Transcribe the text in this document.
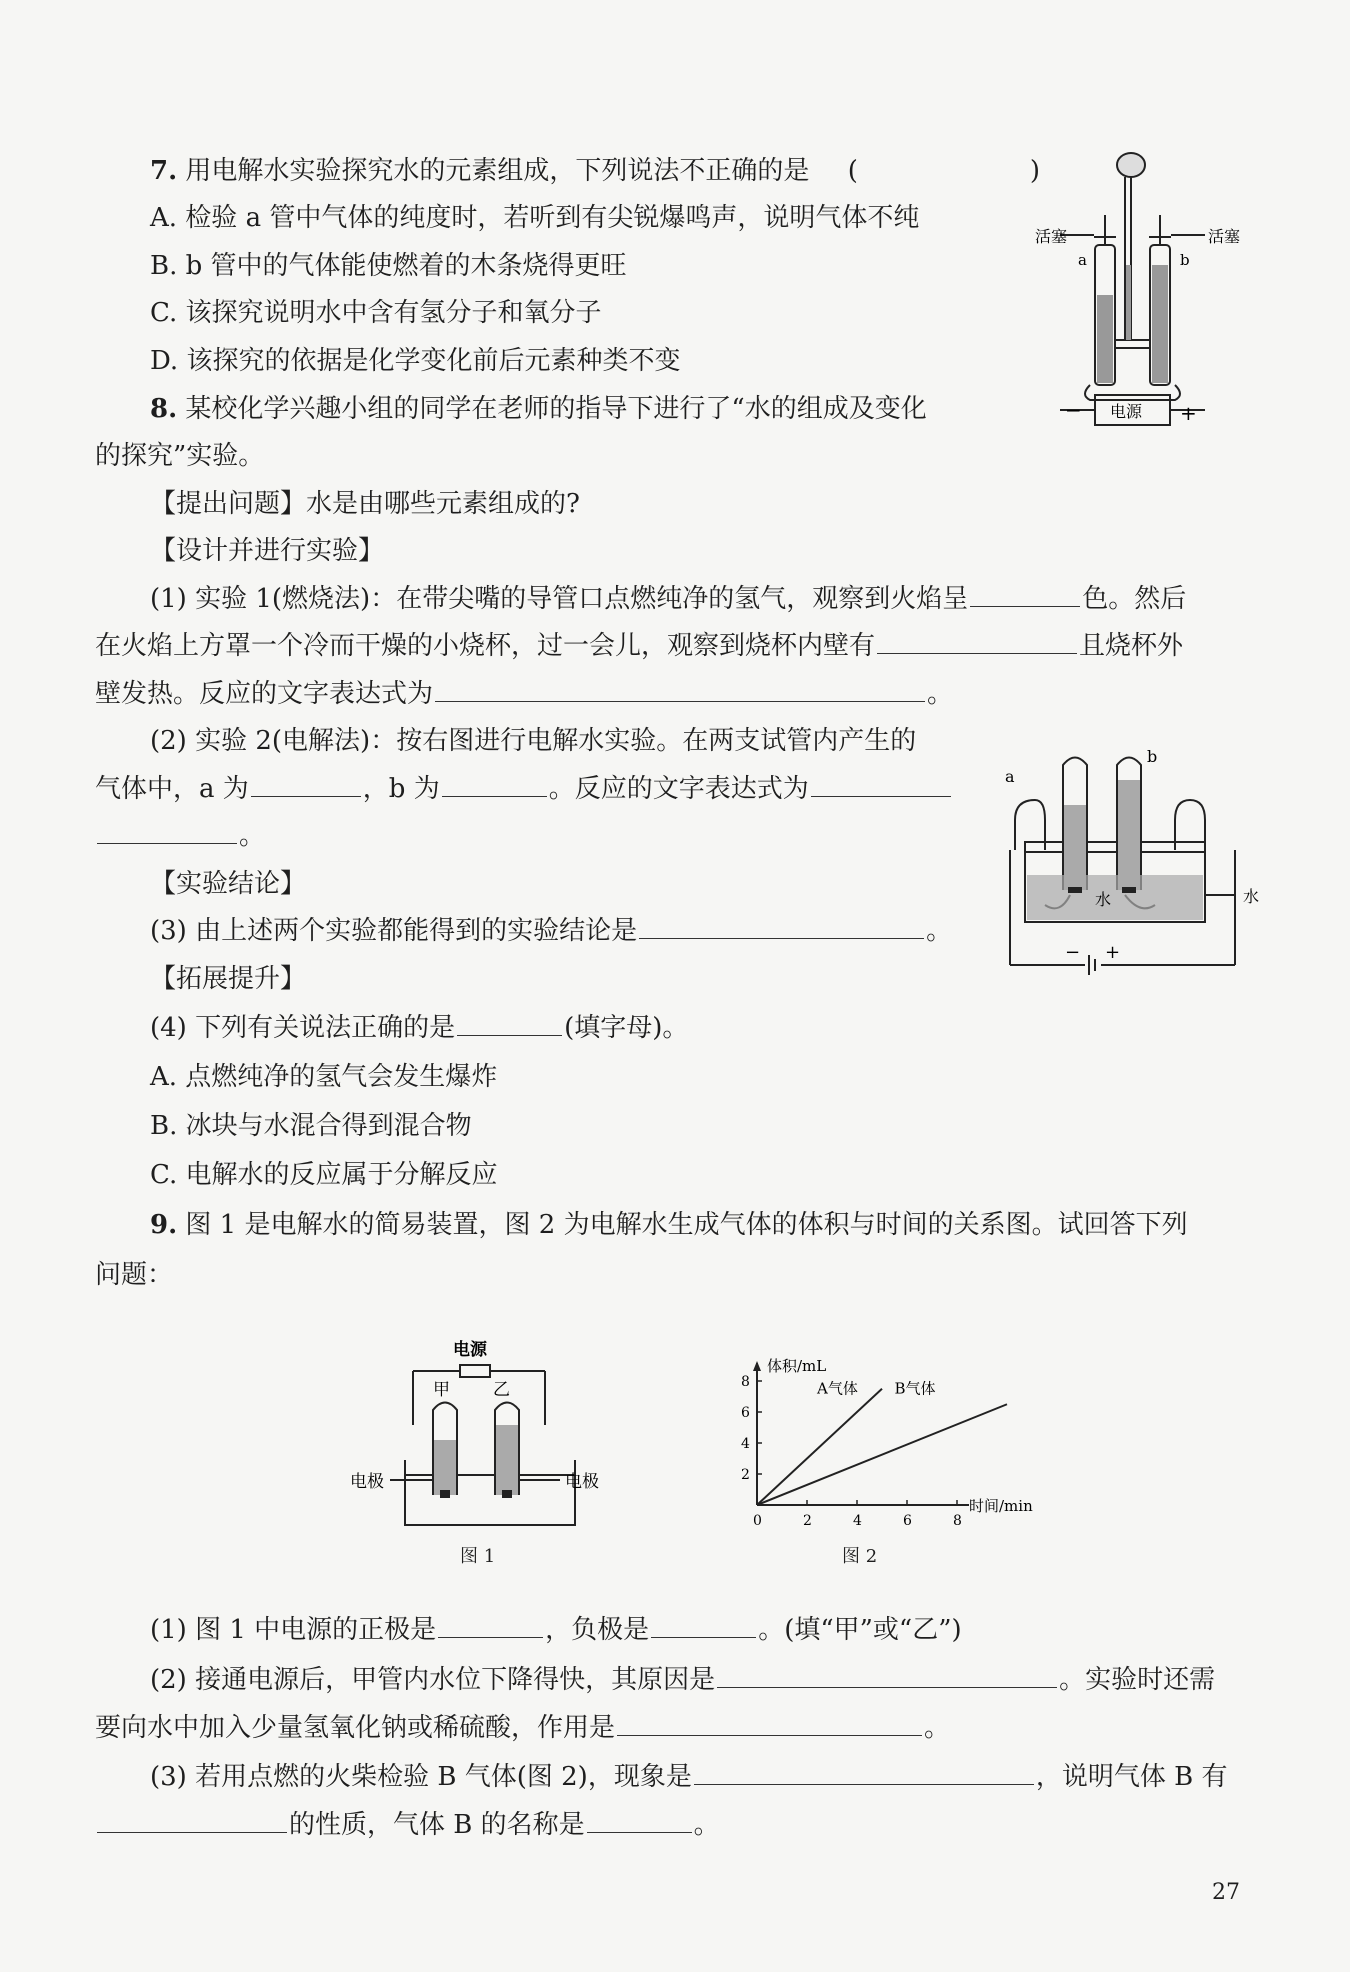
7. 用电解水实验探究水的元素组成，下列说法不正确的是 (　　)
A. 检验 a 管中气体的纯度时，若听到有尖锐爆鸣声，说明气体不纯
B. b 管中的气体能使燃着的木条烧得更旺
C. 该探究说明水中含有氢分子和氧分子
D. 该探究的依据是化学变化前后元素种类不变
活塞	活塞
a	b
电源
−	+
8. 某校化学兴趣小组的同学在老师的指导下进行了“水的组成及变化
的探究”实验。
【提出问题】水是由哪些元素组成的?
【设计并进行实验】
(1) 实验 1(燃烧法)：在带尖嘴的导管口点燃纯净的氢气，观察到火焰呈	色。然后
在火焰上方罩一个冷而干燥的小烧杯，过一会儿，观察到烧杯内壁有	且烧杯外
壁发热。反应的文字表达式为	。
(2) 实验 2(电解法)：按右图进行电解水实验。在两支试管内产生的
气体中，a 为	，b 为	。反应的文字表达式为
。
【实验结论】
(3) 由上述两个实验都能得到的实验结论是	。
【拓展提升】
(4) 下列有关说法正确的是	(填字母)。
A. 点燃纯净的氢气会发生爆炸
B. 冰块与水混合得到混合物
C. 电解水的反应属于分解反应
a
b
水	水
− +
9. 图 1 是电解水的简易装置，图 2 为电解水生成气体的体积与时间的关系图。试回答下列
问题：
电源
甲	乙
电极	电极
图 1
体积/mL
时间/min
0	2	4	6	8
2
4
6
8	A气体 B气体
图 2
(1) 图 1 中电源的正极是	，负极是	。(填“甲”或“乙”)
(2) 接通电源后，甲管内水位下降得快，其原因是	。实验时还需
要向水中加入少量氢氧化钠或稀硫酸，作用是	。
(3) 若用点燃的火柴检验 B 气体(图 2)，现象是	，说明气体 B 有
的性质，气体 B 的名称是	。
27
